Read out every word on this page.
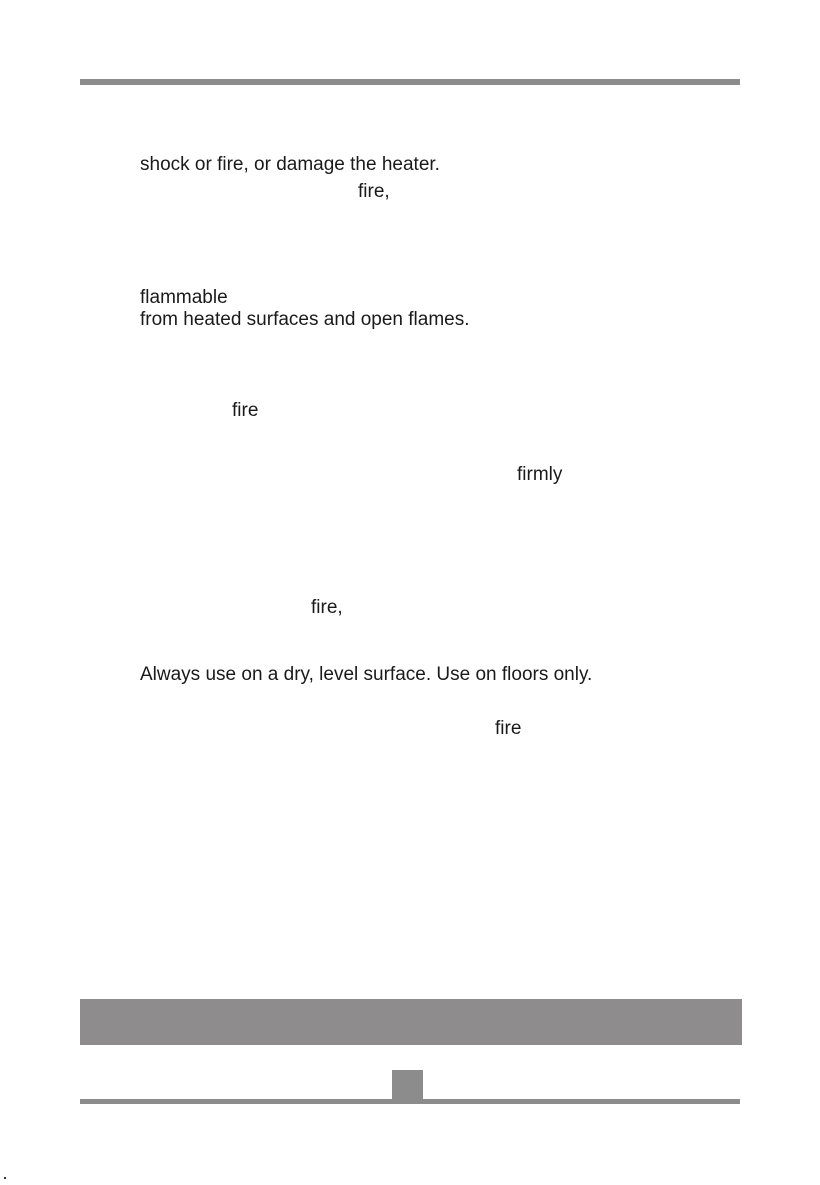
shock or fire, or damage the heater.
fire,
flammable
from heated surfaces and open flames.
fire
firmly
fire,
Always use on a dry, level surface. Use on floors only.
fire
